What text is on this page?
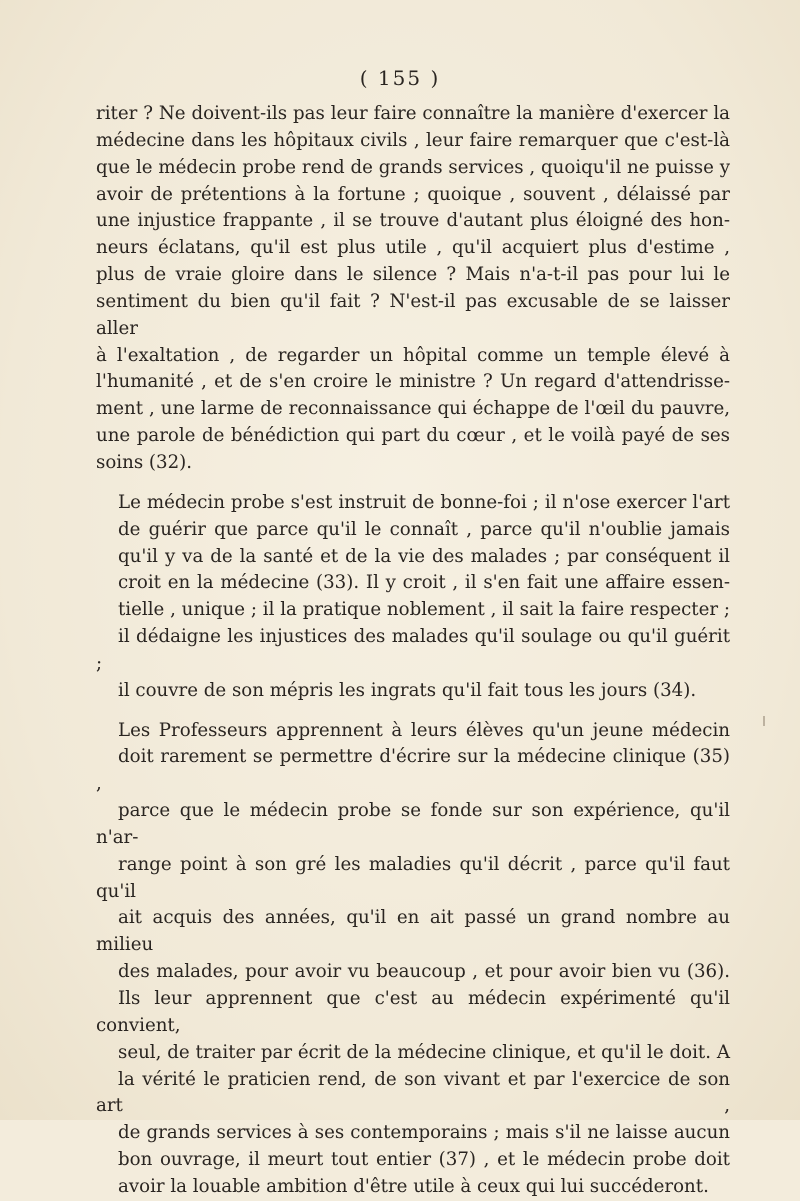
( 155 )

riter ? Ne doivent-ils pas leur faire connaître la manière d'exercer la
médecine dans les hôpitaux civils , leur faire remarquer que c'est-là
que le médecin probe rend de grands services , quoiqu'il ne puisse y
avoir de prétentions à la fortune ; quoique , souvent , délaissé par
une injustice frappante , il se trouve d'autant plus éloigné des hon-
neurs éclatans, qu'il est plus utile , qu'il acquiert plus d'estime ,
plus de vraie gloire dans le silence ? Mais n'a-t-il pas pour lui le
sentiment du bien qu'il fait ? N'est-il pas excusable de se laisser aller
à l'exaltation , de regarder un hôpital comme un temple élevé à
l'humanité , et de s'en croire le ministre ? Un regard d'attendrisse-
ment , une larme de reconnaissance qui échappe de l'œil du pauvre,
une parole de bénédiction qui part du cœur , et le voilà payé de ses
soins (32).

Le médecin probe s'est instruit de bonne-foi ; il n'ose exercer l'art
de guérir que parce qu'il le connaît , parce qu'il n'oublie jamais
qu'il y va de la santé et de la vie des malades ; par conséquent il
croit en la médecine (33). Il y croit , il s'en fait une affaire essen-
tielle , unique ; il la pratique noblement , il sait la faire respecter ;
il dédaigne les injustices des malades qu'il soulage ou qu'il guérit ;
il couvre de son mépris les ingrats qu'il fait tous les jours (34).

Les Professeurs apprennent à leurs élèves qu'un jeune médecin
doit rarement se permettre d'écrire sur la médecine clinique (35) ,
parce que le médecin probe se fonde sur son expérience, qu'il n'ar-
range point à son gré les maladies qu'il décrit , parce qu'il faut qu'il
ait acquis des années, qu'il en ait passé un grand nombre au milieu
des malades, pour avoir vu beaucoup , et pour avoir bien vu (36).
Ils leur apprennent que c'est au médecin expérimenté qu'il convient,
seul, de traiter par écrit de la médecine clinique, et qu'il le doit. A
la vérité le praticien rend, de son vivant et par l'exercice de son art ,
de grands services à ses contemporains ; mais s'il ne laisse aucun
bon ouvrage, il meurt tout entier (37) , et le médecin probe doit
avoir la louable ambition d'être utile à ceux qui lui succéderont.
